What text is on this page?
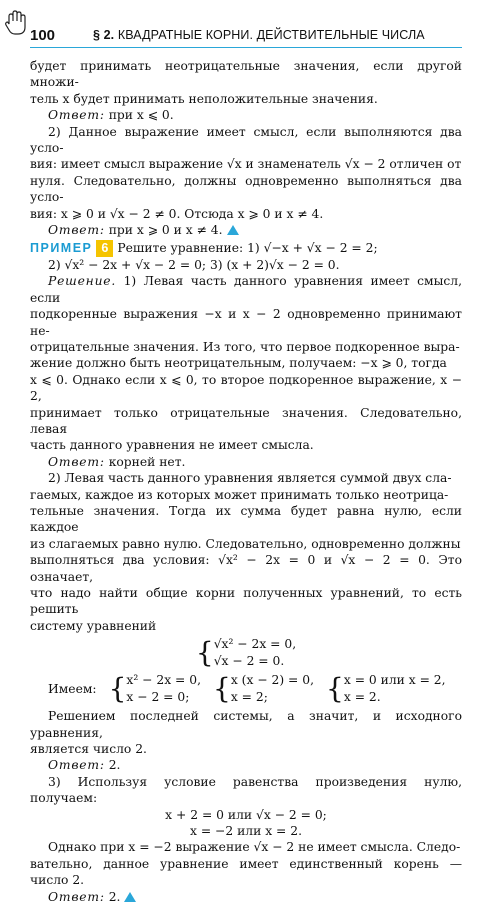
100	§ 2. КВАДРАТНЫЕ КОРНИ. ДЕЙСТВИТЕЛЬНЫЕ ЧИСЛА

будет принимать неотрицательные значения, если другой множи-

тель x будет принимать неположительные значения.

Ответ: при x ⩽ 0.

2) Данное выражение имеет смысл, если выполняются два усло-

вия: имеет смысл выражение √x и знаменатель √x − 2 отличен от

нуля. Следовательно, должны одновременно выполняться два усло-

вия: x ⩾ 0 и √x − 2 ≠ 0. Отсюда x ⩾ 0 и x ≠ 4.

Ответ: при x ⩾ 0 и x ≠ 4.

ПРИМЕР 6 Решите уравнение: 1) √−x + √x − 2 = 2;

2) √x² − 2x + √x − 2 = 0; 3) (x + 2)√x − 2 = 0.

Решение. 1) Левая часть данного уравнения имеет смысл, если

подкоренные выражения −x и x − 2 одновременно принимают не-

отрицательные значения. Из того, что первое подкоренное выра-

жение должно быть неотрицательным, получаем: −x ⩾ 0, тогда

x ⩽ 0. Однако если x ⩽ 0, то второе подкоренное выражение, x − 2,

принимает только отрицательные значения. Следовательно, левая

часть данного уравнения не имеет смысла.

Ответ: корней нет.

2) Левая часть данного уравнения является суммой двух сла-

гаемых, каждое из которых может принимать только неотрица-

тельные значения. Тогда их сумма будет равна нулю, если каждое

из слагаемых равно нулю. Следовательно, одновременно должны

выполняться два условия: √x² − 2x = 0 и √x − 2 = 0. Это означает,

что надо найти общие корни полученных уравнений, то есть решить

систему уравнений

{ √x² − 2x = 0,
√x − 2 = 0.
Имеем: { x² − 2x = 0,
x − 2 = 0; { x (x − 2) = 0,
x = 2;	{ x = 0 или x = 2,
x = 2.

Решением последней системы, а значит, и исходного уравнения,

является число 2.

Ответ: 2.

3) Используя условие равенства произведения нулю, получаем:

x + 2 = 0 или √x − 2 = 0;

x = −2 или x = 2.

Однако при x = −2 выражение √x − 2 не имеет смысла. Следо-

вательно, данное уравнение имеет единственный корень — число 2.

Ответ: 2.
